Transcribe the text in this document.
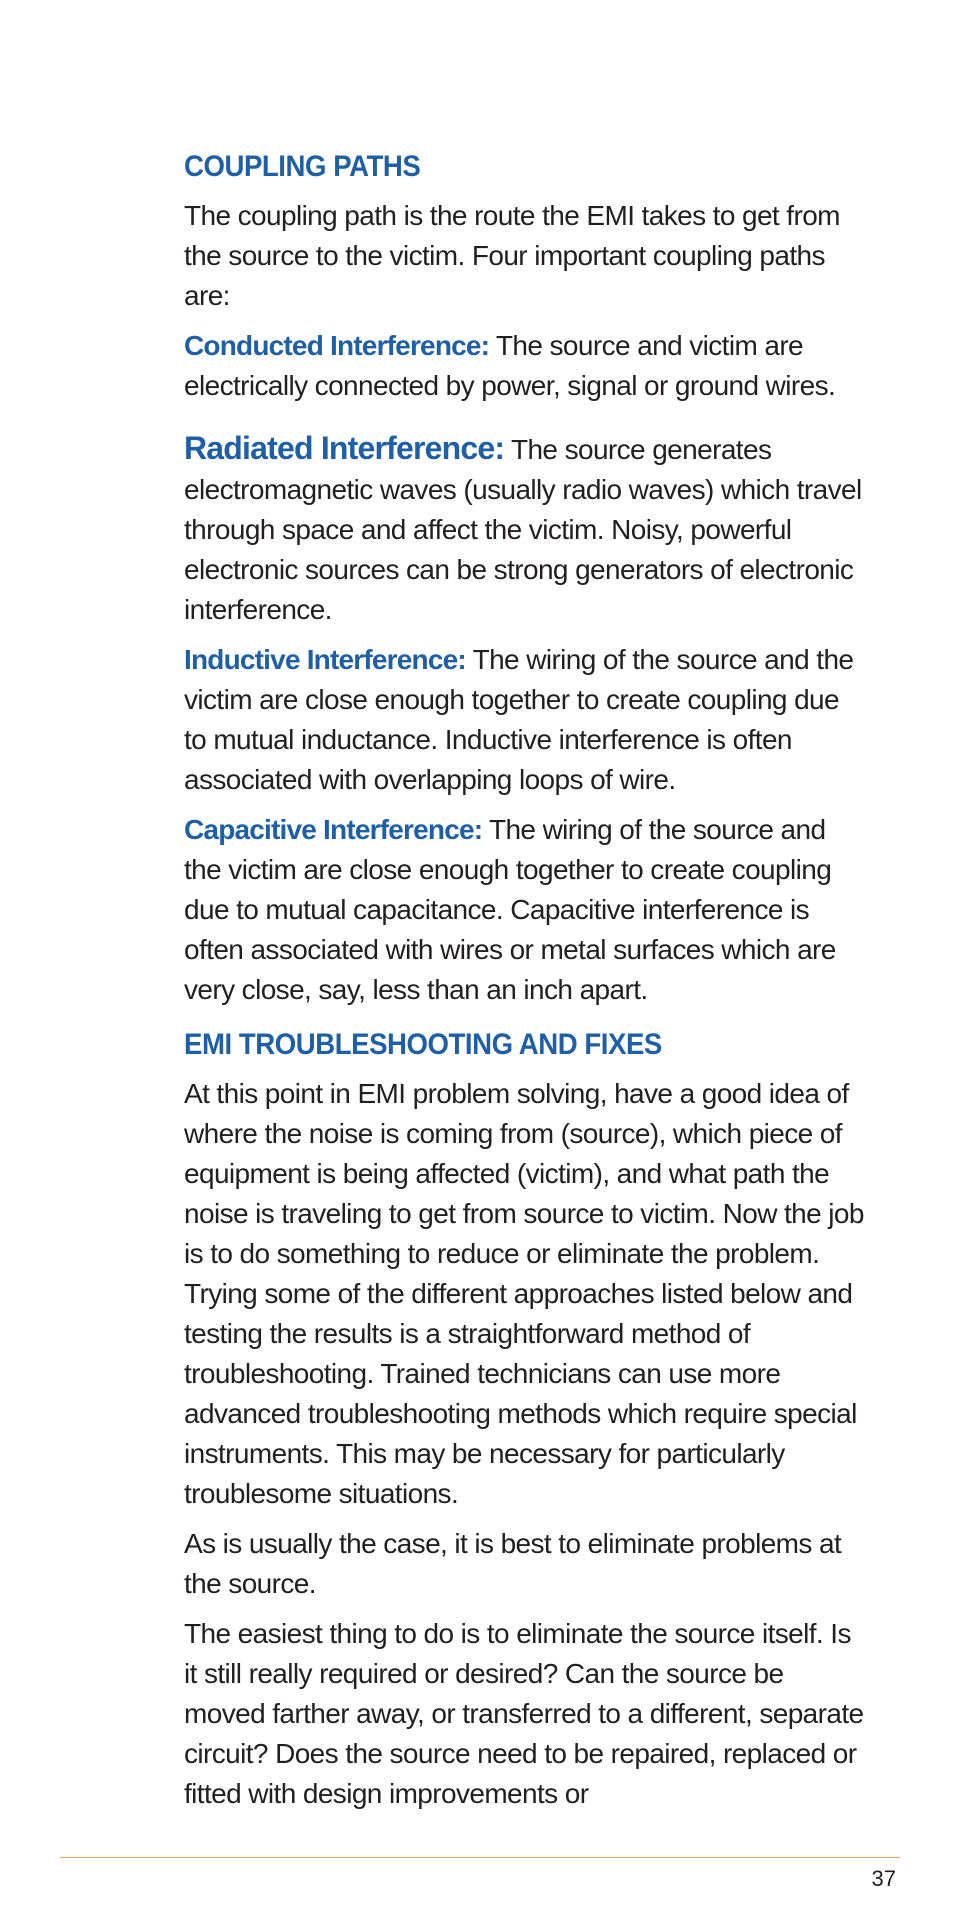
COUPLING PATHS

The coupling path is the route the EMI takes to get from the source to the victim. Four important coupling paths are:

Conducted Interference: The source and victim are electrically connected by power, signal or ground wires.

Radiated Interference: The source generates electromagnetic waves (usually radio waves) which travel through space and affect the victim. Noisy, powerful electronic sources can be strong generators of electronic interference.

Inductive Interference: The wiring of the source and the victim are close enough together to create coupling due to mutual inductance. Inductive interference is often associated with overlapping loops of wire.

Capacitive Interference: The wiring of the source and the victim are close enough together to create coupling due to mutual capacitance. Capacitive interference is often associated with wires or metal surfaces which are very close, say, less than an inch apart.

EMI TROUBLESHOOTING AND FIXES

At this point in EMI problem solving, have a good idea of where the noise is coming from (source), which piece of equipment is being affected (victim), and what path the noise is traveling to get from source to victim. Now the job is to do something to reduce or eliminate the problem. Trying some of the different approaches listed below and testing the results is a straightforward method of troubleshooting. Trained technicians can use more advanced troubleshooting methods which require special instruments. This may be necessary for particularly troublesome situations.

As is usually the case, it is best to eliminate problems at the source.

The easiest thing to do is to eliminate the source itself. Is it still really required or desired? Can the source be moved farther away, or transferred to a different, separate circuit? Does the source need to be repaired, replaced or fitted with design improvements or

37
